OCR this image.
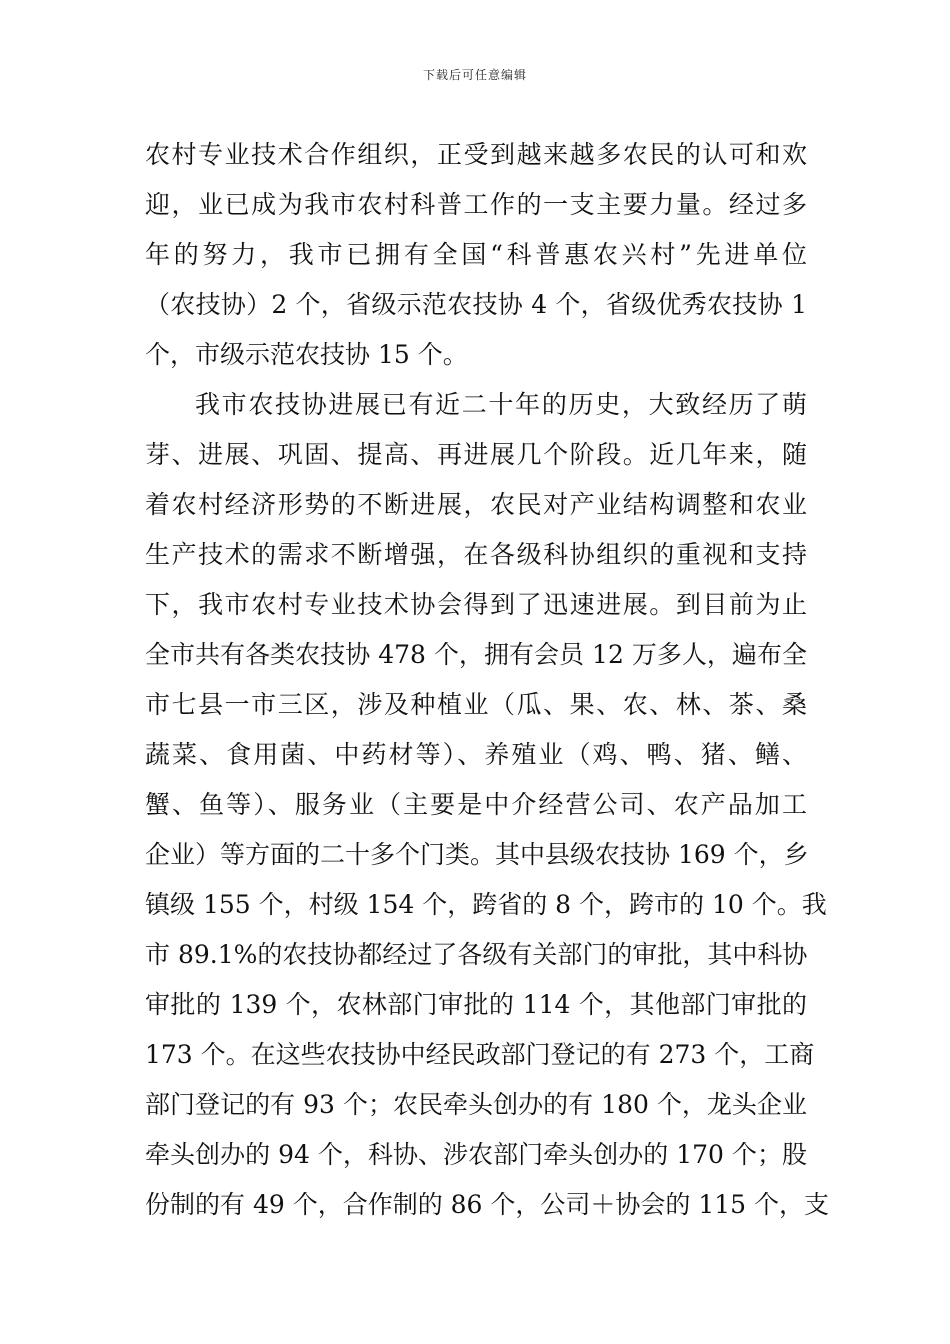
下载后可任意编辑
农村专业技术合作组织，正受到越来越多农民的认可和欢
迎，业已成为我市农村科普工作的一支主要力量。经过多
年的努力，我市已拥有全国“科普惠农兴村”先进单位
（农技协）2 个，省级示范农技协 4 个，省级优秀农技协 1
个，市级示范农技协 15 个。
我市农技协进展已有近二十年的历史，大致经历了萌
芽、进展、巩固、提高、再进展几个阶段。近几年来，随
着农村经济形势的不断进展，农民对产业结构调整和农业
生产技术的需求不断增强，在各级科协组织的重视和支持
下，我市农村专业技术协会得到了迅速进展。到目前为止
全市共有各类农技协 478 个，拥有会员 12 万多人，遍布全
市七县一市三区，涉及种植业（瓜、果、农、林、茶、桑
蔬菜、食用菌、中药材等）、养殖业（鸡、鸭、猪、鳝、
蟹、鱼等）、服务业（主要是中介经营公司、农产品加工
企业）等方面的二十多个门类。其中县级农技协 169 个，乡
镇级 155 个，村级 154 个，跨省的 8 个，跨市的 10 个。我
市 89.1%的农技协都经过了各级有关部门的审批，其中科协
审批的 139 个，农林部门审批的 114 个，其他部门审批的
173 个。在这些农技协中经民政部门登记的有 273 个，工商
部门登记的有 93 个；农民牵头创办的有 180 个，龙头企业
牵头创办的 94 个，科协、涉农部门牵头创办的 170 个；股
份制的有 49 个，合作制的 86 个，公司＋协会的 115 个，支
